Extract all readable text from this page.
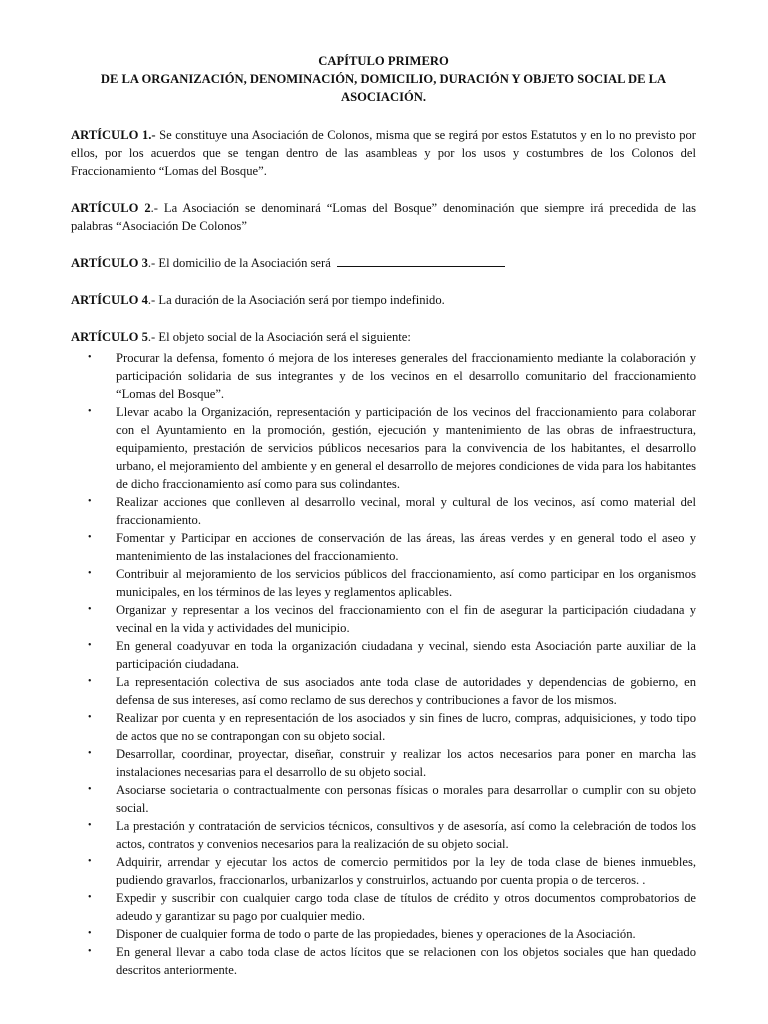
CAPÍTULO PRIMERO
DE LA ORGANIZACIÓN, DENOMINACIÓN, DOMICILIO, DURACIÓN Y OBJETO SOCIAL DE LA ASOCIACIÓN.

ARTÍCULO 1.- Se constituye una Asociación de Colonos, misma que se regirá por estos Estatutos y en lo no previsto por ellos, por los acuerdos que se tengan dentro de las asambleas y por los usos y costumbres de los Colonos del Fraccionamiento “Lomas del Bosque”.

ARTÍCULO 2.- La Asociación se denominará “Lomas del Bosque” denominación que siempre irá precedida de las palabras “Asociación De Colonos”

ARTÍCULO 3.- El domicilio de la Asociación será

ARTÍCULO 4.- La duración de la Asociación será por tiempo indefinido.

ARTÍCULO 5.- El objeto social de la Asociación será el siguiente:

• Procurar la defensa, fomento ó mejora de los intereses generales del fraccionamiento mediante la colaboración y participación solidaria de sus integrantes y de los vecinos en el desarrollo comunitario del fraccionamiento “Lomas del Bosque”.
• Llevar acabo la Organización, representación y participación de los vecinos del fraccionamiento para colaborar con el Ayuntamiento en la promoción, gestión, ejecución y mantenimiento de las obras de infraestructura, equipamiento, prestación de servicios públicos necesarios para la convivencia de los habitantes, el desarrollo urbano, el mejoramiento del ambiente y en general el desarrollo de mejores condiciones de vida para los habitantes de dicho fraccionamiento así como para sus colindantes.
• Realizar acciones que conlleven al desarrollo vecinal, moral y cultural de los vecinos, así como material del fraccionamiento.
• Fomentar y Participar en acciones de conservación de las áreas, las áreas verdes y en general todo el aseo y mantenimiento de las instalaciones del fraccionamiento.
• Contribuir al mejoramiento de los servicios públicos del fraccionamiento, así como participar en los organismos municipales, en los términos de las leyes y reglamentos aplicables.
• Organizar y representar a los vecinos del fraccionamiento con el fin de asegurar la participación ciudadana y vecinal en la vida y actividades del municipio.
• En general coadyuvar en toda la organización ciudadana y vecinal, siendo esta Asociación parte auxiliar de la participación ciudadana.
• La representación colectiva de sus asociados ante toda clase de autoridades y dependencias de gobierno, en defensa de sus intereses, así como reclamo de sus derechos y contribuciones a favor de los mismos.
• Realizar por cuenta y en representación de los asociados y sin fines de lucro, compras, adquisiciones, y todo tipo de actos que no se contrapongan con su objeto social.
• Desarrollar, coordinar, proyectar, diseñar, construir y realizar los actos necesarios para poner en marcha las instalaciones necesarias para el desarrollo de su objeto social.
• Asociarse societaria o contractualmente con personas físicas o morales para desarrollar o cumplir con su objeto social.
• La prestación y contratación de servicios técnicos, consultivos y de asesoría, así como la celebración de todos los actos, contratos y convenios necesarios para la realización de su objeto social.
• Adquirir, arrendar y ejecutar los actos de comercio permitidos por la ley de toda clase de bienes inmuebles, pudiendo gravarlos, fraccionarlos, urbanizarlos y construirlos, actuando por cuenta propia o de terceros. .
• Expedir y suscribir con cualquier cargo toda clase de títulos de crédito y otros documentos comprobatorios de adeudo y garantizar su pago por cualquier medio.
• Disponer de cualquier forma de todo o parte de las propiedades, bienes y operaciones de la Asociación.
• En general llevar a cabo toda clase de actos lícitos que se relacionen con los objetos sociales que han quedado descritos anteriormente.
